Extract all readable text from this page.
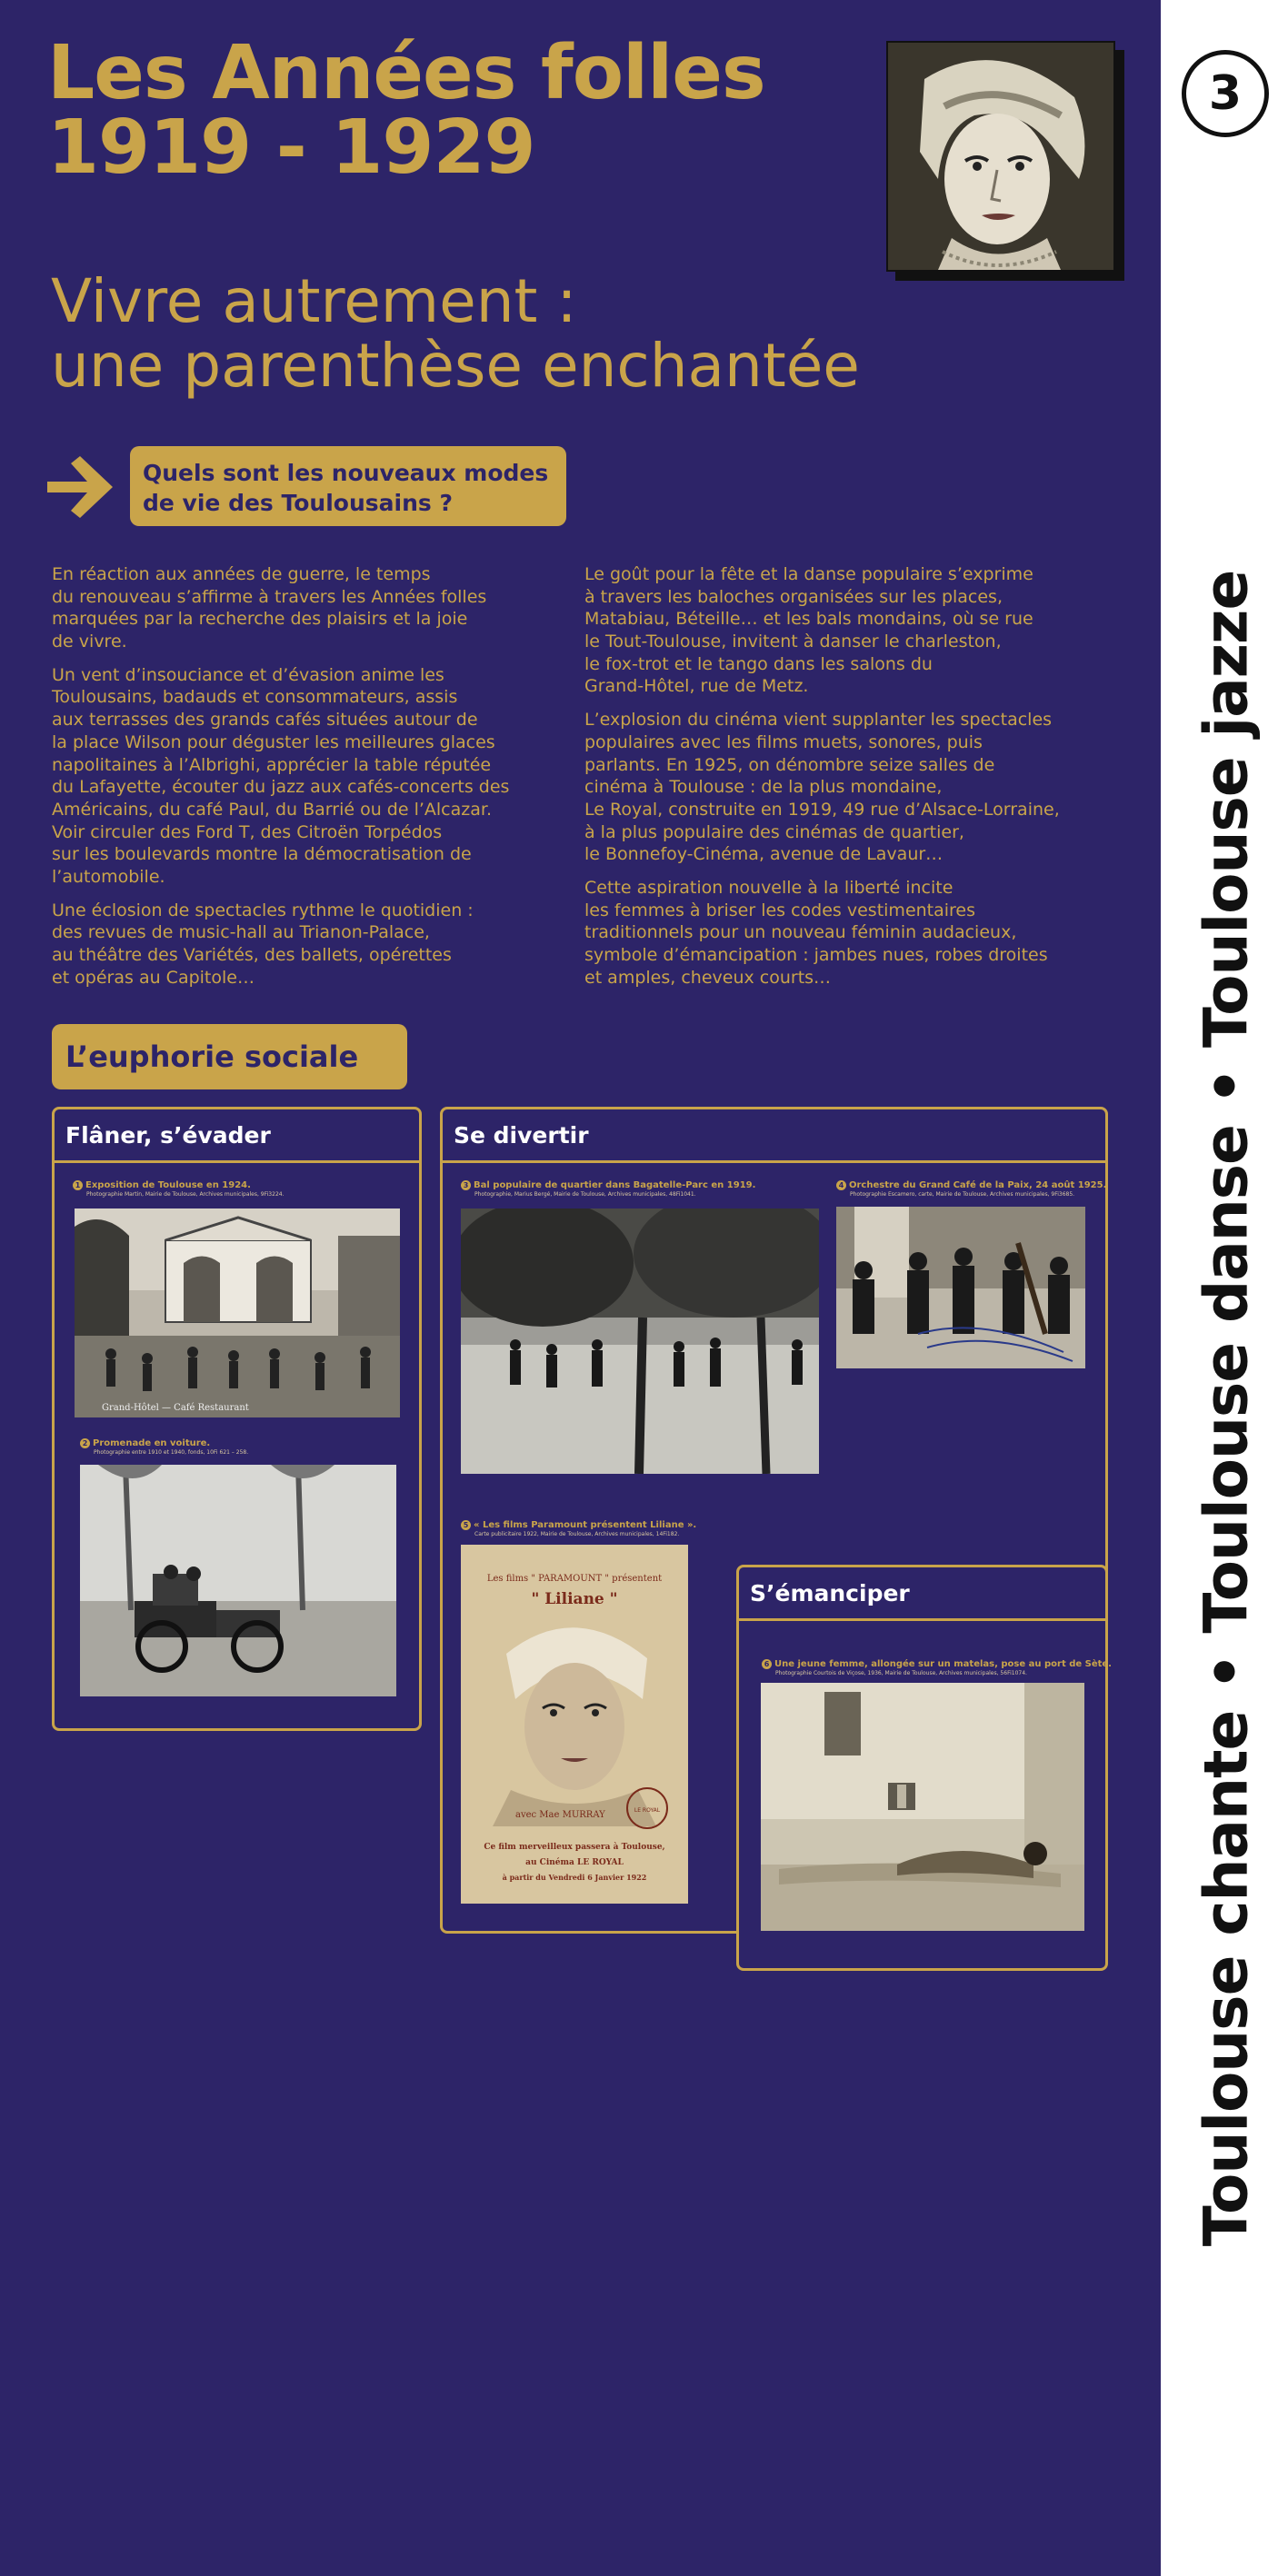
3
Toulouse chante • Toulouse danse • Toulouse jazze
Les Années folles
1919 - 1929
Vivre autrement :
une parenthèse enchantée
Quels sont les nouveaux modes
de vie des Toulousains ?

En réaction aux années de guerre, le temps
du renouveau s’affirme à travers les Années folles
marquées par la recherche des plaisirs et la joie
de vivre.

Un vent d’insouciance et d’évasion anime les
Toulousains, badauds et consommateurs, assis
aux terrasses des grands cafés situées autour de
la place Wilson pour déguster les meilleures glaces
napolitaines à l’Albrighi, apprécier la table réputée
du Lafayette, écouter du jazz aux cafés-concerts des
Américains, du café Paul, du Barrié ou de l’Alcazar.
Voir circuler des Ford T, des Citroën Torpédos
sur les boulevards montre la démocratisation de
l’automobile.

Une éclosion de spectacles rythme le quotidien :
des revues de music-hall au Trianon-Palace,
au théâtre des Variétés, des ballets, opérettes
et opéras au Capitole…

Le goût pour la fête et la danse populaire s’exprime
à travers les baloches organisées sur les places,
Matabiau, Béteille… et les bals mondains, où se rue
le Tout-Toulouse, invitent à danser le charleston,
le fox-trot et le tango dans les salons du
Grand-Hôtel, rue de Metz.

L’explosion du cinéma vient supplanter les spectacles
populaires avec les films muets, sonores, puis
parlants. En 1925, on dénombre seize salles de
cinéma à Toulouse : de la plus mondaine,
Le Royal, construite en 1919, 49 rue d’Alsace-Lorraine,
à la plus populaire des cinémas de quartier,
le Bonnefoy-Cinéma, avenue de Lavaur…

Cette aspiration nouvelle à la liberté incite
les femmes à briser les codes vestimentaires
traditionnels pour un nouveau féminin audacieux,
symbole d’émancipation : jambes nues, robes droites
et amples, cheveux courts…

L’euphorie sociale
Flâner, s’évader	Se divertir
S’émanciper
1 Exposition de Toulouse en 1924.
Photographie Martin, Mairie de Toulouse, Archives municipales, 9Fi3224.
Grand-Hôtel — Café Restaurant
2 Promenade en voiture.
Photographie entre 1910 et 1940, fonds, 10Fi 621 – 258.
3 Bal populaire de quartier dans Bagatelle-Parc en 1919.
Photographie, Marius Bergé, Mairie de Toulouse, Archives municipales, 48Fi1041.
4 Orchestre du Grand Café de la Paix, 24 août 1925.
Photographie Escamero, carte, Mairie de Toulouse, Archives municipales, 9Fi3685.
5 « Les films Paramount présentent Liliane ».
Carte publicitaire 1922, Mairie de Toulouse, Archives municipales, 14Fi182.
Les films " PARAMOUNT " présentent
" Liliane "
LE ROYAL
avec Mae MURRAY
Ce film merveilleux passera à Toulouse,
au Cinéma LE ROYAL
à partir du Vendredi 6 Janvier 1922
6 Une jeune femme, allongée sur un matelas, pose au port de Sète.
Photographie Courtois de Viçose, 1936, Mairie de Toulouse, Archives municipales, 56Fi1074.
